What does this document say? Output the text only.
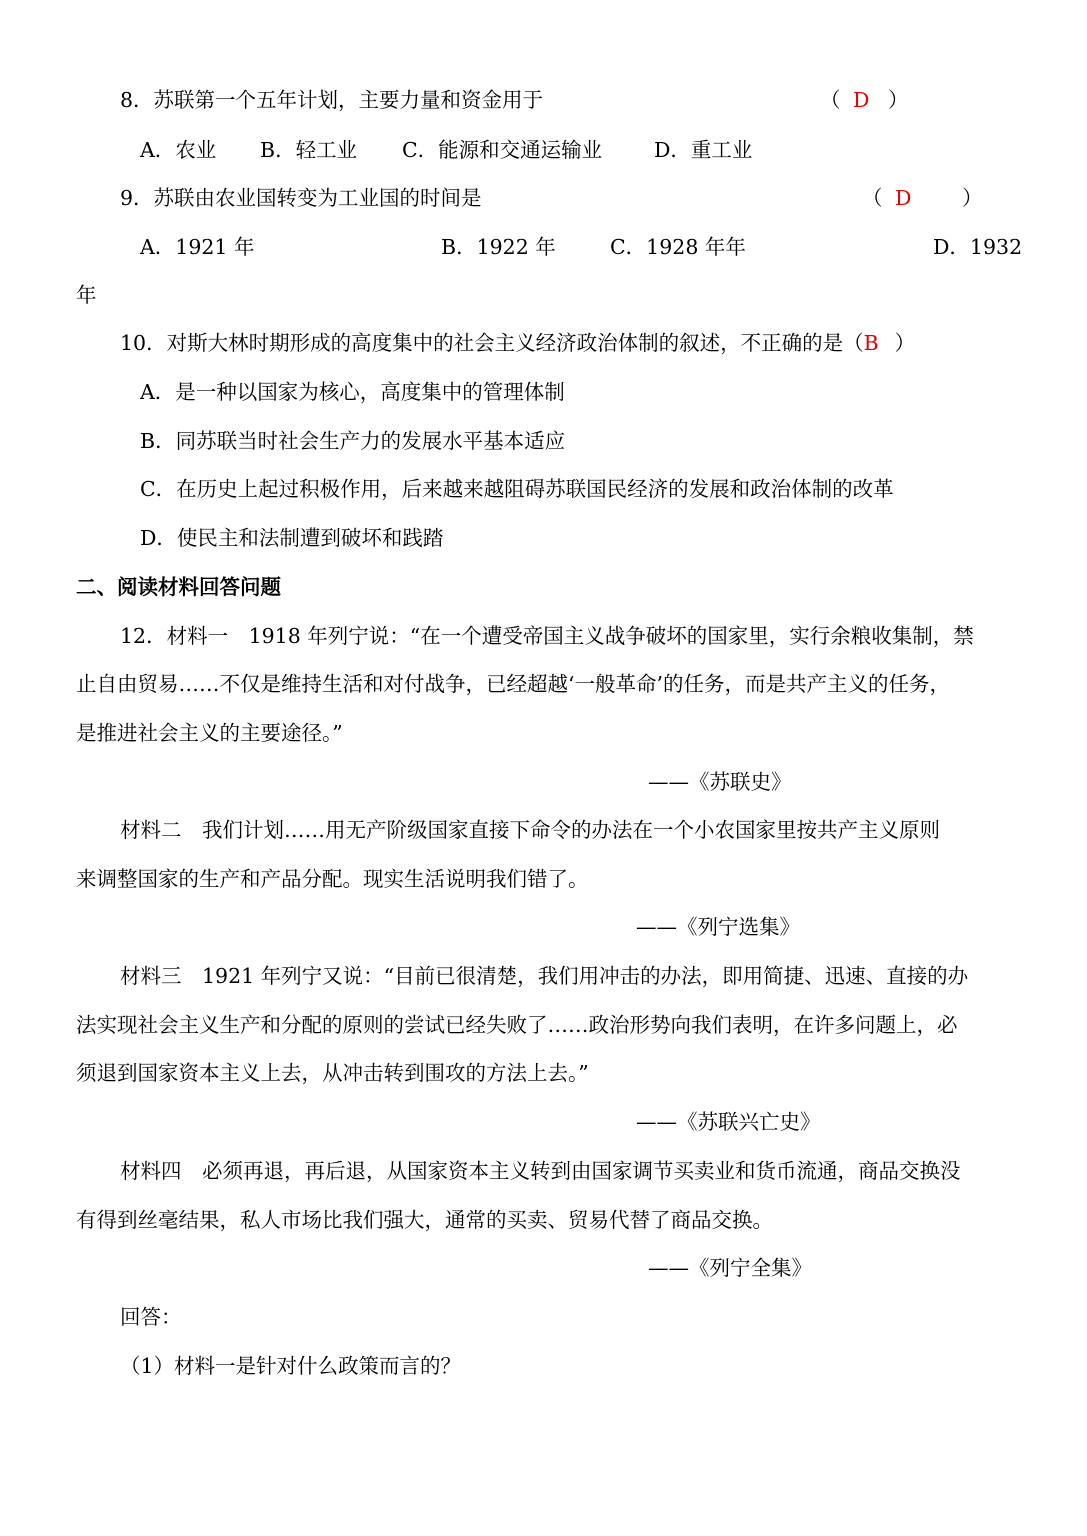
8．苏联第一个五年计划，主要力量和资金用于	（ D ）
A．农业 B．轻工业 C．能源和交通运输业	D．重工业
9．苏联由农业国转变为工业国的时间是	（ D ）
A．1921 年	B．1922 年	C．1928 年年	D．1932
年
10．对斯大林时期形成的高度集中的社会主义经济政治体制的叙述，不正确的是（B ）
A．是一种以国家为核心，高度集中的管理体制
B．同苏联当时社会生产力的发展水平基本适应
C．在历史上起过积极作用，后来越来越阻碍苏联国民经济的发展和政治体制的改革
D．使民主和法制遭到破坏和践踏
二、阅读材料回答问题
12．材料一　1918 年列宁说：“在一个遭受帝国主义战争破坏的国家里，实行余粮收集制，禁
止自由贸易……不仅是维持生活和对付战争，已经超越‘一般革命’的任务，而是共产主义的任务，
是推进社会主义的主要途径。”
——《苏联史》
材料二　我们计划……用无产阶级国家直接下命令的办法在一个小农国家里按共产主义原则
来调整国家的生产和产品分配。现实生活说明我们错了。
——《列宁选集》
材料三　1921 年列宁又说：“目前已很清楚，我们用冲击的办法，即用简捷、迅速、直接的办
法实现社会主义生产和分配的原则的尝试已经失败了……政治形势向我们表明，在许多问题上，必
须退到国家资本主义上去，从冲击转到围攻的方法上去。”
——《苏联兴亡史》
材料四　必须再退，再后退，从国家资本主义转到由国家调节买卖业和货币流通，商品交换没
有得到丝毫结果，私人市场比我们强大，通常的买卖、贸易代替了商品交换。
——《列宁全集》
回答：
（1）材料一是针对什么政策而言的？
